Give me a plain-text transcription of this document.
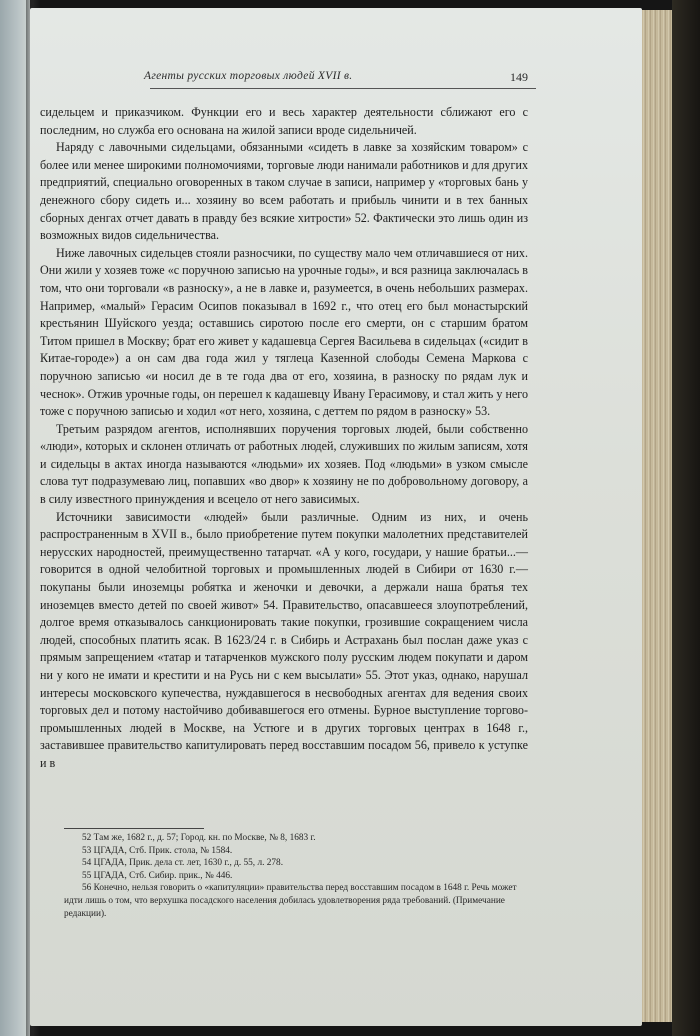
Агенты русских торговых людей XVII в.	149

сидельцем и приказчиком. Функции его и весь характер деятельности сближают его с последним, но служба его основана на жилой записи вроде сидельничей.

Наряду с лавочными сидельцами, обязанными «сидеть в лавке за хозяйским товаром» с более или менее широкими полномочиями, торговые люди нанимали работников и для других предприятий, специально оговоренных в таком случае в записи, например у «торговых бань у денежного сбору сидеть и... хозяину во всем работать и прибыль чинити и в тех банных сборных денгах отчет давать в правду без всякие хитрости» 52. Фактически это лишь один из возможных видов сидельничества.

Ниже лавочных сидельцев стояли разносчики, по существу мало чем отличавшиеся от них. Они жили у хозяев тоже «с поручною записью на урочные годы», и вся разница заключалась в том, что они торговали «в разноску», а не в лавке и, разумеется, в очень небольших размерах. Например, «малый» Герасим Осипов показывал в 1692 г., что отец его был монастырский крестьянин Шуйского уезда; оставшись сиротою после его смерти, он с старшим братом Титом пришел в Москву; брат его живет у кадашевца Сергея Васильева в сидельцах («сидит в Китае-городе») а он сам два года жил у тяглеца Казенной слободы Семена Маркова с поручною записью «и носил де в те года два от его, хозяина, в разноску по рядам лук и чеснок». Отжив урочные годы, он перешел к кадашевцу Ивану Герасимову, и стал жить у него тоже с поручною записью и ходил «от него, хозяина, с деттем по рядом в разноску» 53.

Третьим разрядом агентов, исполнявших поручения торговых людей, были собственно «люди», которых и склонен отличать от работных людей, служивших по жилым записям, хотя и сидельцы в актах иногда называются «людьми» их хозяев. Под «людьми» в узком смысле слова тут подразумеваю лиц, попавших «во двор» к хозяину не по добровольному договору, а в силу известного принуждения и всецело от него зависимых.

Источники зависимости «людей» были различные. Одним из них, и очень распространенным в XVII в., было приобретение путем покупки малолетних представителей нерусских народностей, преимущественно татарчат. «А у кого, государи, у нашие братьи...— говорится в одной челобитной торговых и промышленных людей в Сибири от 1630 г.— покупаны были иноземцы робятка и женочки и девочки, а держали наша братья тех иноземцев вместо детей по своей живот» 54. Правительство, опасавшееся злоупотреблений, долгое время отказывалось санкционировать такие покупки, грозившие сокращением числа людей, способных платить ясак. В 1623/24 г. в Сибирь и Астрахань был послан даже указ с прямым запрещением «татар и татарченков мужского полу русским людем покупати и даром ни у кого не имати и крестити и на Русь ни с кем высылати» 55. Этот указ, однако, нарушал интересы московского купечества, нуждавшегося в несвободных агентах для ведения своих торговых дел и потому настойчиво добивавшегося его отмены. Бурное выступление торгово-промышленных людей в Москве, на Устюге и в других торговых центрах в 1648 г., заставившее правительство капитулировать перед восставшим посадом 56, привело к уступке и в

52 Там же, 1682 г., д. 57; Город. кн. по Москве, № 8, 1683 г.

53 ЦГАДА, Стб. Прик. стола, № 1584.

54 ЦГАДА, Прик. дела ст. лет, 1630 г., д. 55, л. 278.

55 ЦГАДА, Стб. Сибир. прик., № 446.

56 Конечно, нельзя говорить о «капитуляции» правительства перед восставшим посадом в 1648 г. Речь может идти лишь о том, что верхушка посадского населения добилась удовлетворения ряда требований. (Примечание редакции).
